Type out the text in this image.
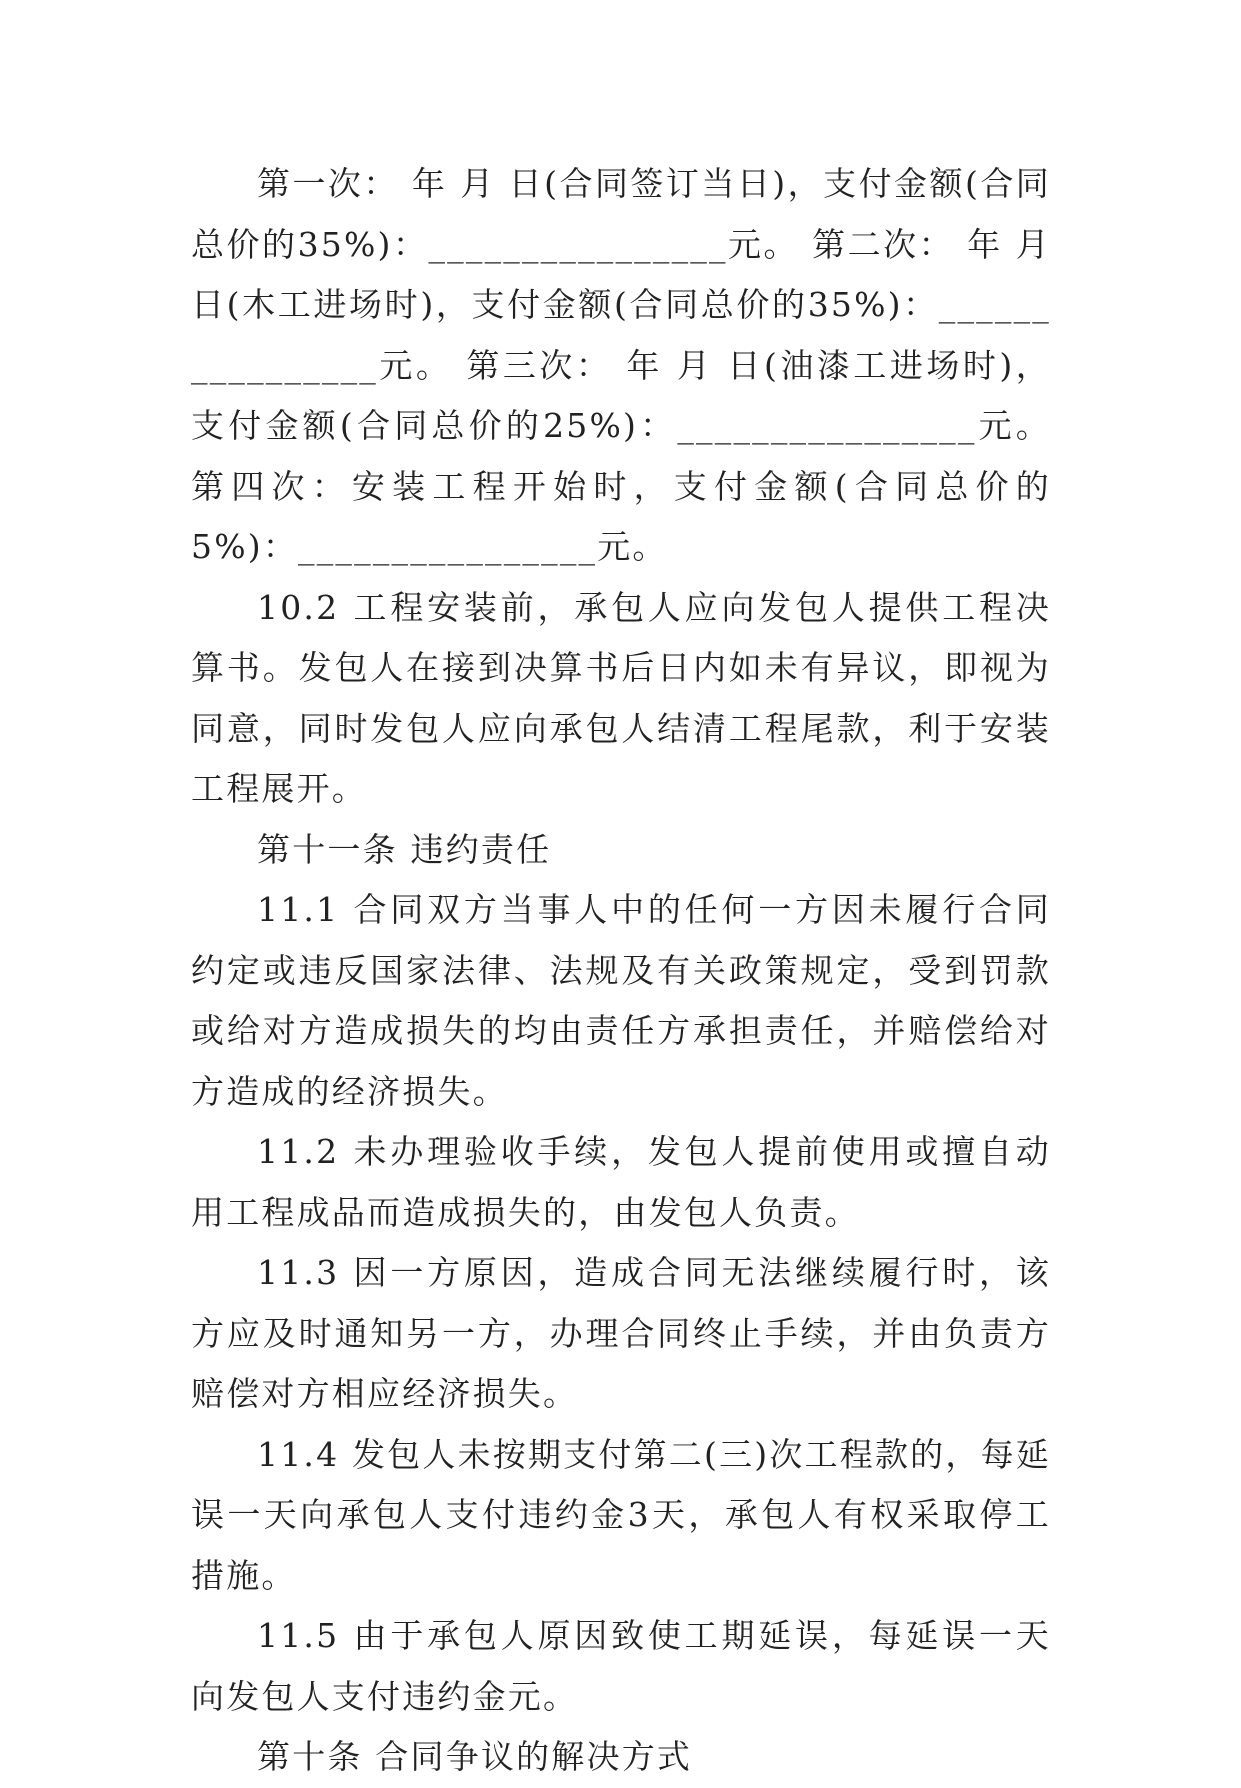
第一次： 年 月 日(合同签订当日)，支付金额(合同总价的35%)：________________元。 第二次： 年 月 日(木工进场时)，支付金额(合同总价的35%)：________________元。 第三次： 年 月 日(油漆工进场时)，支付金额(合同总价的25%)：________________元。 第四次：安装工程开始时，支付金额(合同总价的5%)：________________元。

10.2 工程安装前，承包人应向发包人提供工程决算书。发包人在接到决算书后日内如未有异议，即视为同意，同时发包人应向承包人结清工程尾款，利于安装工程展开。

第十一条 违约责任

11.1 合同双方当事人中的任何一方因未履行合同约定或违反国家法律、法规及有关政策规定，受到罚款或给对方造成损失的均由责任方承担责任，并赔偿给对方造成的经济损失。

11.2 未办理验收手续，发包人提前使用或擅自动用工程成品而造成损失的，由发包人负责。

11.3 因一方原因，造成合同无法继续履行时，该方应及时通知另一方，办理合同终止手续，并由负责方赔偿对方相应经济损失。

11.4 发包人未按期支付第二(三)次工程款的，每延误一天向承包人支付违约金3天，承包人有权采取停工措施。

11.5 由于承包人原因致使工期延误，每延误一天向发包人支付违约金元。

第十条 合同争议的解决方式
